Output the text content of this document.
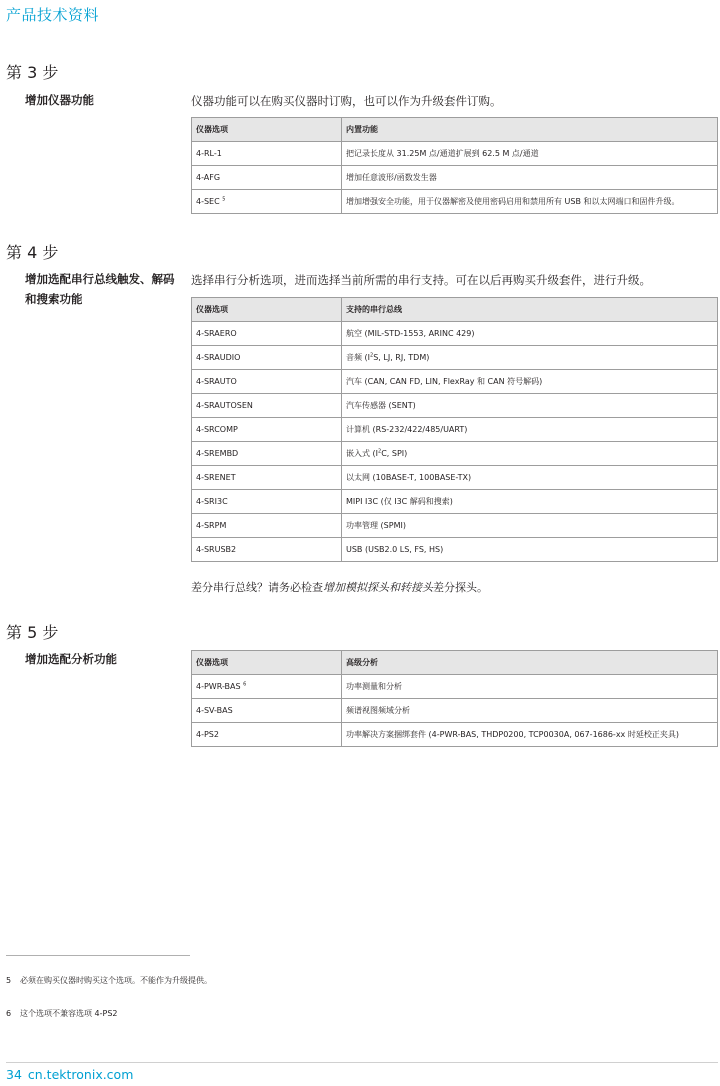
产品技术资料
第 3 步
增加仪器功能	仪器功能可以在购买仪器时订购，也可以作为升级套件订购。
仪器选项	内置功能
4-RL-1	把记录长度从 31.25M 点/通道扩展到 62.5 M 点/通道
4-AFG	增加任意波形/函数发生器
4-SEC $^5$	增加增强安全功能，用于仪器解密及使用密码启用和禁用所有 USB 和以太网端口和固件升级。
第 4 步
增加选配串行总线触发、解码和搜索功能
选择串行分析选项，进而选择当前所需的串行支持。可在以后再购买升级套件，进行升级。
仪器选项	支持的串行总线
4-SRAERO	航空 (MIL-STD-1553, ARINC 429)
4-SRAUDIO	音频 ($I^2S$, LJ, RJ, TDM)
4-SRAUTO	汽车 (CAN, CAN FD, LIN, FlexRay 和 CAN 符号解码)
4-SRAUTOSEN	汽车传感器 (SENT)
4-SRCOMP	计算机 (RS-232/422/485/UART)
4-SREMBD	嵌入式 ($I^2C$, SPI)
4-SRENET	以太网 (10BASE-T, 100BASE-TX)
4-SRI3C	MIPI I3C (仅 I3C 解码和搜索)
4-SRPM	功率管理 (SPMI)
4-SRUSB2	USB (USB2.0 LS, FS, HS)
差分串行总线？请务必检查增加模拟探头和转接头差分探头。
第 5 步
增加选配分析功能	仪器选项	高级分析
4-PWR-BAS $^6$	功率测量和分析
4-SV-BAS	频谱视图频域分析
4-PS2	功率解决方案捆绑套件 (4-PWR-BAS, THDP0200, TCP0030A, 067-1686-xx 时延校正夹具)
5 必须在购买仪器时购买这个选项。不能作为升级提供。
6 这个选项不兼容选项 4-PS2
34 cn.tektronix.com
